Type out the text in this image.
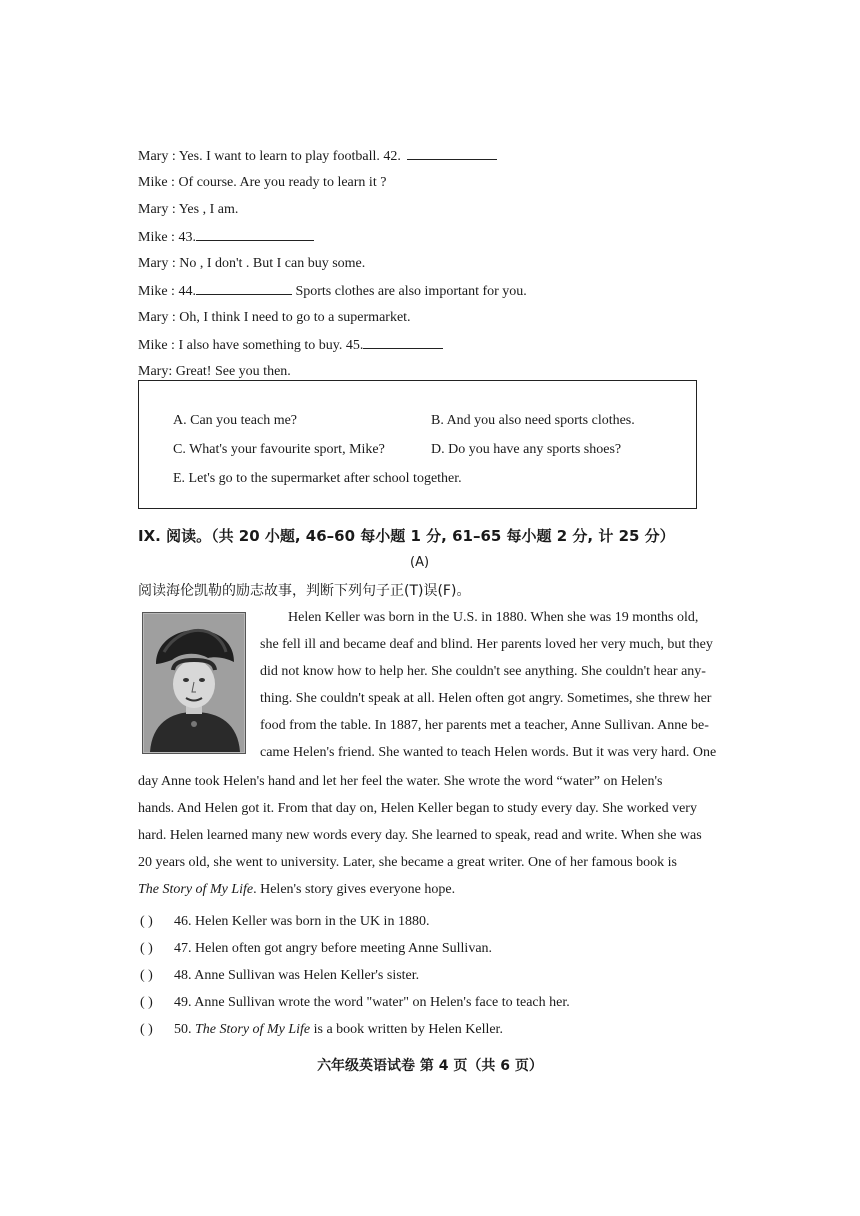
Mary : Yes. I want to learn to play football. 42.
Mike : Of course. Are you ready to learn it ?
Mary : Yes , I am.
Mike : 43.
Mary : No , I don't . But I can buy some.
Mike : 44.	Sports clothes are also important for you.
Mary : Oh, I think I need to go to a supermarket.
Mike : I also have something to buy. 45.
Mary: Great! See you then.
A. Can you teach me?	B. And you also need sports clothes.
C. What's your favourite sport, Mike?	D. Do you have any sports shoes?
E. Let's go to the supermarket after school together.
IX. 阅读。（共 20 小题, 46–60 每小题 1 分, 61–65 每小题 2 分, 计 25 分）
(A)
阅读海伦凯勒的励志故事，判断下列句子正(T)误(F)。
Helen Keller was born in the U.S. in 1880. When she was 19 months old,
she fell ill and became deaf and blind. Her parents loved her very much, but they
did not know how to help her. She couldn't see anything. She couldn't hear any-
thing. She couldn't speak at all. Helen often got angry. Sometimes, she threw her
food from the table. In 1887, her parents met a teacher, Anne Sullivan. Anne be-
came Helen's friend. She wanted to teach Helen words. But it was very hard. One
day Anne took Helen's hand and let her feel the water. She wrote the word “water” on Helen's
hands. And Helen got it. From that day on, Helen Keller began to study every day. She worked very
hard. Helen learned many new words every day. She learned to speak, read and write. When she was
20 years old, she went to university. Later, she became a great writer. One of her famous book is
The Story of My Life. Helen's story gives everyone hope.
( ) 46. Helen Keller was born in the UK in 1880.
( ) 47. Helen often got angry before meeting Anne Sullivan.
( ) 48. Anne Sullivan was Helen Keller's sister.
( ) 49. Anne Sullivan wrote the word "water" on Helen's face to teach her.
( ) 50. The Story of My Life is a book written by Helen Keller.
六年级英语试卷 第 4 页（共 6 页）
